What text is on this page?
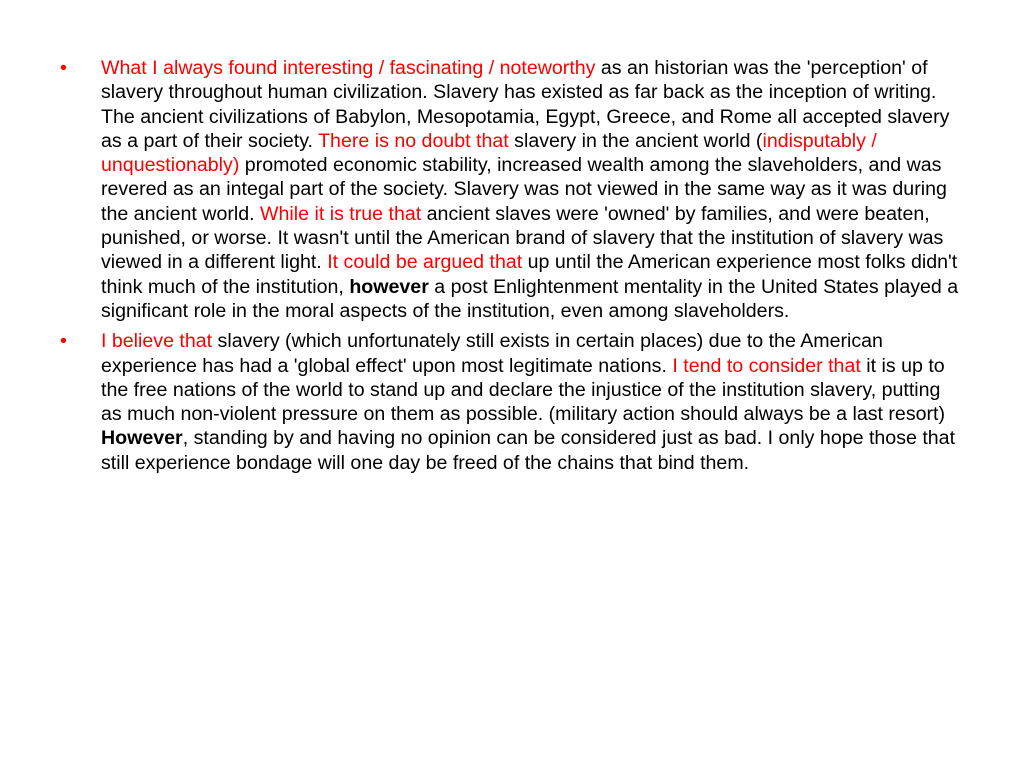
•	What I always found interesting / fascinating / noteworthy as an historian was the 'perception' of slavery throughout human civilization. Slavery has existed as far back as the inception of writing. The ancient civilizations of Babylon, Mesopotamia, Egypt, Greece, and Rome all accepted slavery as a part of their society. There is no doubt that slavery in the ancient world (indisputably / unquestionably) promoted economic stability, increased wealth among the slaveholders, and was revered as an integal part of the society. Slavery was not viewed in the same way as it was during the ancient world. While it is true that ancient slaves were 'owned' by families, and were beaten, punished, or worse. It wasn't until the American brand of slavery that the institution of slavery was viewed in a different light. It could be argued that up until the American experience most folks didn't think much of the institution, however a post Enlightenment mentality in the United States played a significant role in the moral aspects of the institution, even among slaveholders.
•	I believe that slavery (which unfortunately still exists in certain places) due to the American experience has had a 'global effect' upon most legitimate nations. I tend to consider that it is up to the free nations of the world to stand up and declare the injustice of the institution slavery, putting as much non-violent pressure on them as possible. (military action should always be a last resort) However, standing by and having no opinion can be considered just as bad. I only hope those that still experience bondage will one day be freed of the chains that bind them.
